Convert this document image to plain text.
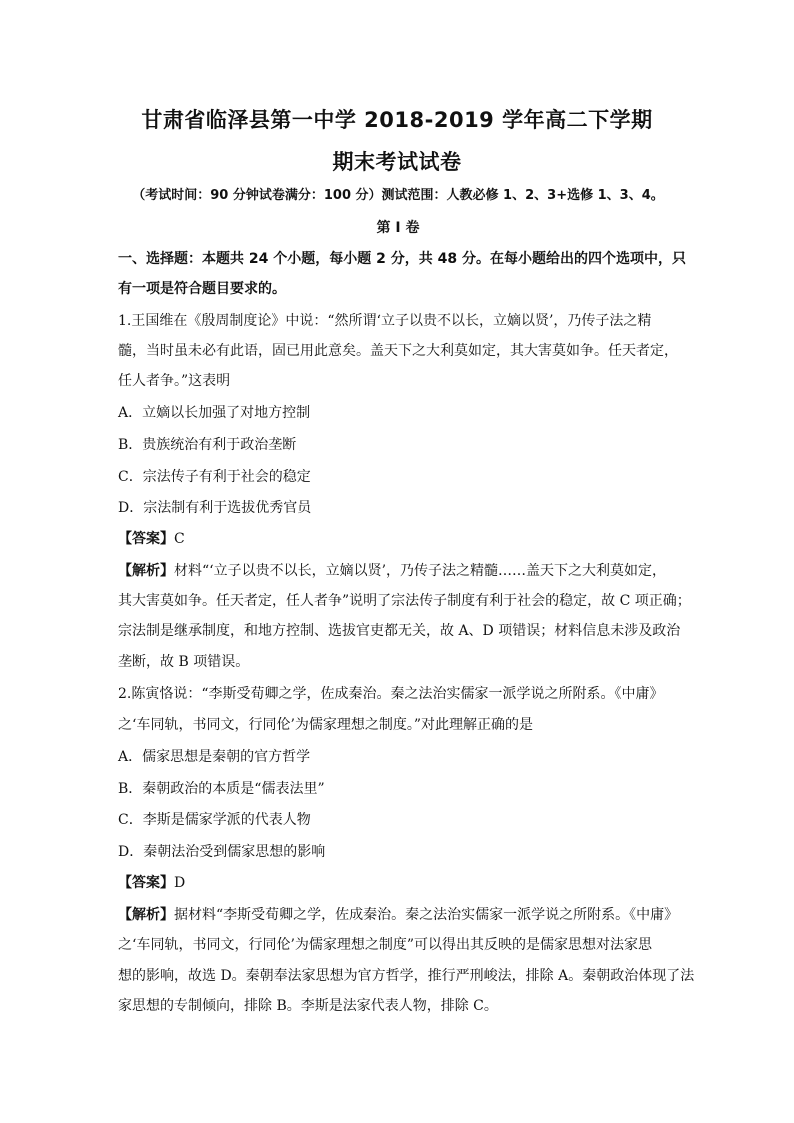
甘肃省临泽县第一中学 2018-2019 学年高二下学期
期末考试试卷
（考试时间：90 分钟试卷满分：100 分）测试范围：人教必修 1、2、3+选修 1、3、4。
第 I 卷
一、选择题：本题共 24 个小题，每小题 2 分，共 48 分。在每小题给出的四个选项中，只
有一项是符合题目要求的。
1.王国维在《殷周制度论》中说：“然所谓‘立子以贵不以长，立嫡以贤’，乃传子法之精
髓，当时虽未必有此语，固已用此意矣。盖天下之大利莫如定，其大害莫如争。任天者定，
任人者争。”这表明
A．立嫡以长加强了对地方控制
B．贵族统治有利于政治垄断
C．宗法传子有利于社会的稳定
D．宗法制有利于选拔优秀官员
【答案】C
【解析】材料“‘立子以贵不以长，立嫡以贤’，乃传子法之精髓……盖天下之大利莫如定，
其大害莫如争。任天者定，任人者争”说明了宗法传子制度有利于社会的稳定，故 C 项正确；
宗法制是继承制度，和地方控制、选拔官吏都无关，故 A、D 项错误；材料信息未涉及政治
垄断，故 B 项错误。
2.陈寅恪说：“李斯受荀卿之学，佐成秦治。秦之法治实儒家一派学说之所附系。《中庸》
之‘车同轨，书同文，行同伦’为儒家理想之制度。”对此理解正确的是
A．儒家思想是秦朝的官方哲学
B．秦朝政治的本质是“儒表法里”
C．李斯是儒家学派的代表人物
D．秦朝法治受到儒家思想的影响
【答案】D
【解析】据材料“李斯受荀卿之学，佐成秦治。秦之法治实儒家一派学说之所附系。《中庸》
之‘车同轨，书同文，行同伦’为儒家理想之制度”可以得出其反映的是儒家思想对法家思
想的影响，故选 D。秦朝奉法家思想为官方哲学，推行严刑峻法，排除 A。秦朝政治体现了法
家思想的专制倾向，排除 B。李斯是法家代表人物，排除 C。
